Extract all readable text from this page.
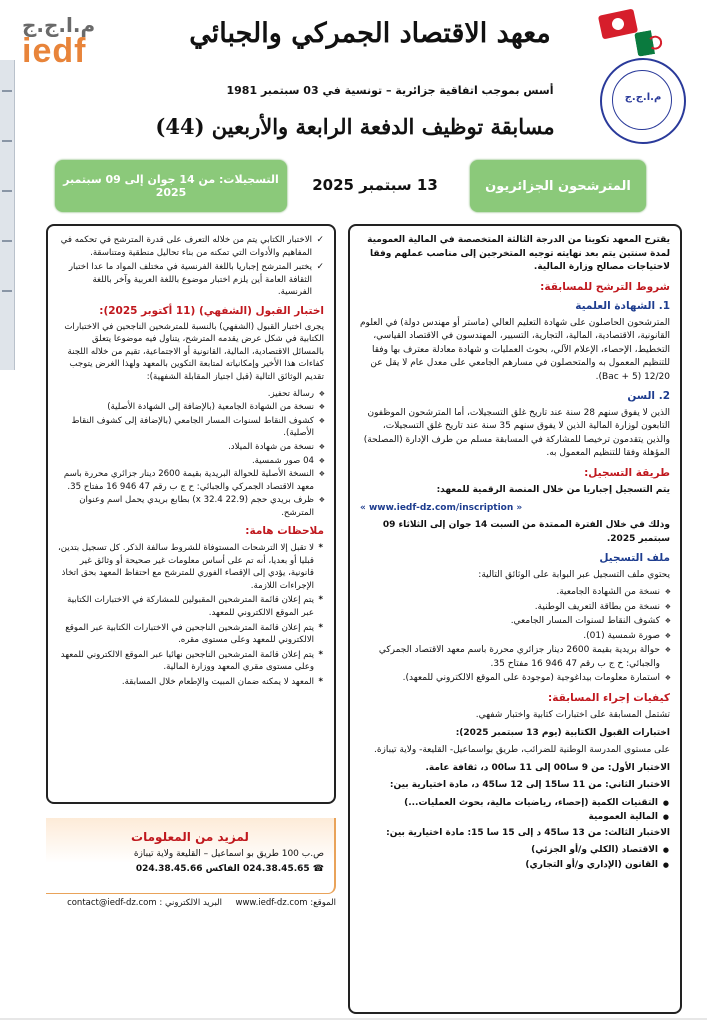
م.ا.ج.ج
iedf	معهد الاقتصاد الجمركي والجبائي
م.ا.ج.ج
أسس بموجب اتفاقية جزائرية – تونسية في 03 سبتمبر 1981
مسابقة توظيف الدفعة الرابعة والأربعين (44)
المترشحون الجزائريون
13 سبتمبر 2025
التسجيلات: من 14 جوان إلى 09 سبتمبر 2025

يقترح المعهد تكوينا من الدرجة الثالثة المتخصصة في المالية العمومية لمدة سنتين يتم بعد نهايته توجيه المتخرجين إلى مناصب عملهم وفقا لاحتياجات مصالح وزارة المالية.

شروط الترشح للمسابقة:
1. الشهادة العلمية

المترشحون الحاصلون على شهادة التعليم العالي (ماستر أو مهندس دولة) في العلوم القانونية، الاقتصادية، المالية، التجارية، التسيير، المهندسون في الاقتصاد القياسي، التخطيط، الإحصاء، الإعلام الآلي، بحوث العمليات و شهادة معادلة معترف بها وفقا للتنظيم المعمول به والمتحصلون في مسارهم الجامعي على معدل عام لا يقل عن 12/20 (Bac + 5).

2. السن

الذين لا يفوق سنهم 28 سنة عند تاريخ غلق التسجيلات، أما المترشحون الموظفون التابعون لوزارة المالية الذين لا يفوق سنهم 35 سنة عند تاريخ غلق التسجيلات، والذين يتقدمون ترخيصا للمشاركة في المسابقة مسلم من طرف الإدارة (المصلحة) المؤهلة وفقا للتنظيم المعمول به.

طريقة التسجيل:

يتم التسجيل إجباريا من خلال المنصة الرقمية للمعهد:

« www.iedf-dz.com/inscription »

وذلك في خلال الفترة الممتدة من السبت 14 جوان إلى الثلاثاء 09 سبتمبر 2025.

ملف التسجيل

يحتوي ملف التسجيل عبر البوابة على الوثائق التالية:

❖ نسخة من الشهادة الجامعية.
❖ نسخة من بطاقة التعريف الوطنية.
❖ كشوف النقاط لسنوات المسار الجامعي.
❖ صورة شمسية (01).
❖ حوالة بريدية بقيمة 2600 دينار جزائري محررة باسم معهد الاقتصاد الجمركي والجبائي: ح ج ب رقم 47 946 16 مفتاح 35.
❖ استمارة معلومات بيداغوجية (موجودة على الموقع الالكتروني للمعهد).
كيفيات إجراء المسابقة:

تشتمل المسابقة على اختبارات كتابية واختبار شفهي.

اختبارات القبول الكتابية (يوم 13 سبتمبر 2025):

على مستوى المدرسة الوطنية للضرائب، طريق بواسماعيل- القليعة- ولاية تيبازة.

الاختبار الأول: من 9 سا00 إلى 11 سا00 د، ثقافة عامة.

الاختبار الثاني: من 11 سا15 إلى 12 سا45 د، مادة اختيارية بين:

● التقنيات الكمية (إحصاء، رياضيات مالية، بحوث العمليات...)
● المالية العمومية

الاختبار الثالث: من 13 سا45 د إلى 15 سا 15: مادة اختيارية بين:

● الاقتصاد (الكلي و/أو الجزئي)
● القانون (الإداري و/أو التجاري)
✓ الاختبار الكتابي يتم من خلاله التعرف على قدرة المترشح في تحكمه في المفاهيم والأدوات التي تمكنه من بناء تحاليل منطقية ومتناسقة.
✓ يختبر المترشح إجباريا باللغة الفرنسية في مختلف المواد ما عدا اختبار الثقافة العامة أين يلزم اختبار موضوع باللغة العربية وآخر باللغة الفرنسية.
اختبار القبول (الشفهي) (11 أكتوبر 2025):

يجرى اختبار القبول (الشفهي) بالنسبة للمترشحين الناجحين في الاختبارات الكتابية في شكل عرض يقدمه المترشح، يتناول فيه موضوعا يتعلق بالمسائل الاقتصادية، المالية، القانونية أو الاجتماعية، تقيم من خلاله اللجنة كفاءات هذا الأخير وإمكانياته لمتابعة التكوين بالمعهد ولهذا الغرض يتوجب تقديم الوثائق التالية (قبل اجتياز المقابلة الشفهية):

❖ رسالة تحفيز.
❖ نسخة من الشهادة الجامعية (بالإضافة إلى الشهادة الأصلية)
❖ كشوف النقاط لسنوات المسار الجامعي (بالإضافة إلى كشوف النقاط الأصلية).
❖ نسخة من شهادة الميلاد.
❖ 04 صور شمسية.
❖ النسخة الأصلية للحوالة البريدية بقيمة 2600 دينار جزائري محررة باسم معهد الاقتصاد الجمركي والجبائي: ح ج ب رقم 47 946 16 مفتاح 35.
❖ ظرف بريدي حجم (22.9 x 32.4) بطابع بريدي يحمل اسم وعنوان المترشح.
ملاحظات هامة:
* لا تقبل إلا الترشحات المستوفاة للشروط سالفة الذكر. كل تسجيل بتدين، قبليا أو بعديا، أنه تم على أساس معلومات غير صحيحة أو وثائق غير قانونية، يؤدي إلى الإقصاء الفوري للمترشح مع احتفاظ المعهد بحق اتخاذ الإجراءات اللازمة.
* يتم إعلان قائمة المترشحين المقبولين للمشاركة في الاختبارات الكتابية عبر الموقع الالكتروني للمعهد.
* يتم إعلان قائمة المترشحين الناجحين في الاختبارات الكتابية عبر الموقع الالكتروني للمعهد وعلى مستوى مقره.
* يتم إعلان قائمة المترشحين الناجحين نهائيا عبر الموقع الالكتروني للمعهد وعلى مستوى مقري المعهد ووزارة المالية.
* المعهد لا يمكنه ضمان المبيت والإطعام خلال المسابقة.
لمزيد من المعلومات
ص.ب 100 طريق بو اسماعيل – القليعة ولاية تيبازة
☎ 024.38.45.65 الفاكس 024.38.45.66
الموقع: www.iedf-dz.com     البريد الالكتروني : contact@iedf-dz.com
